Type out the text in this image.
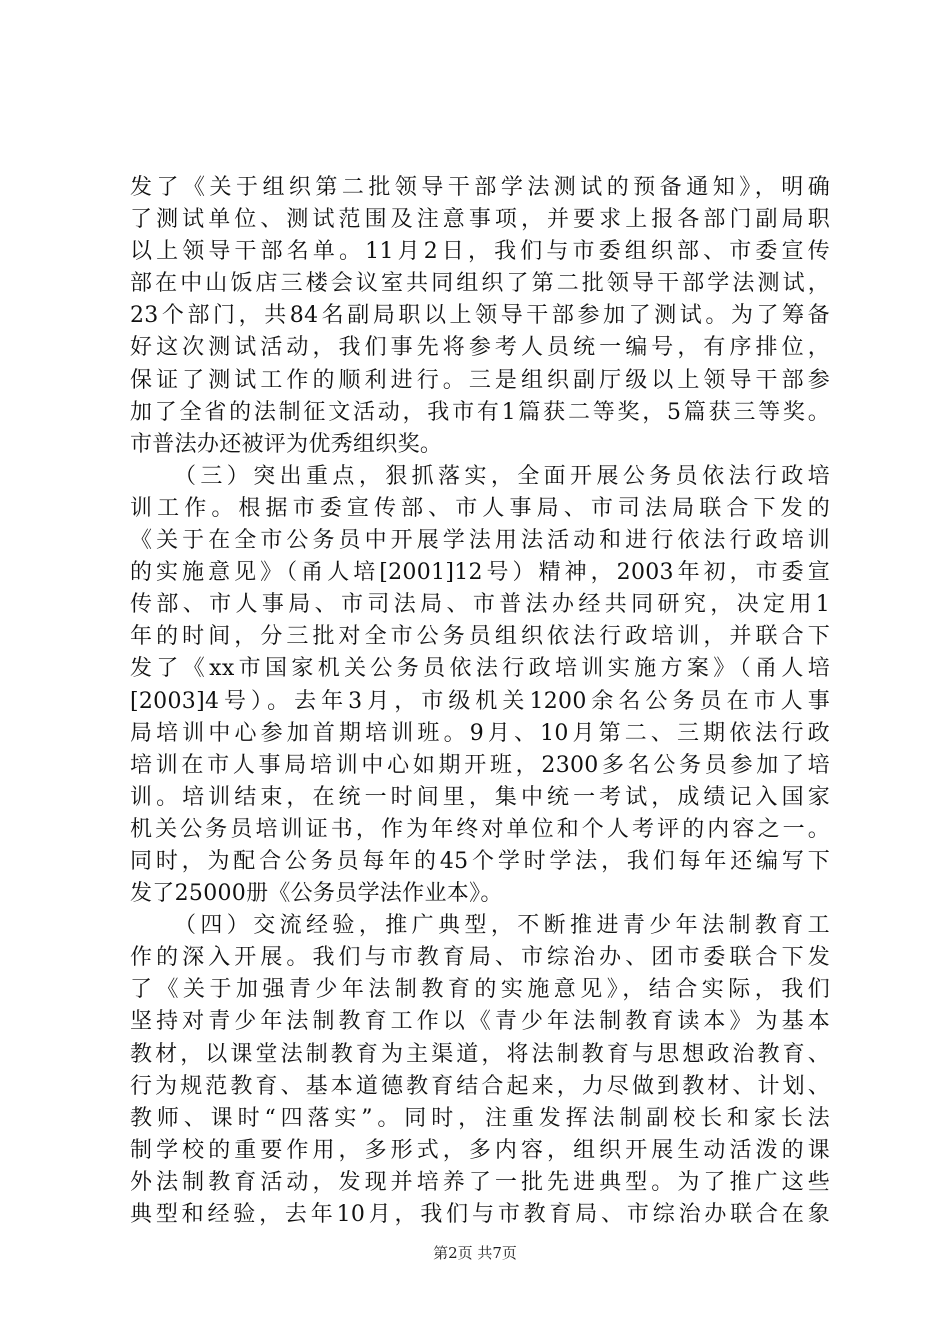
发了《关于组织第二批领导干部学法测试的预备通知》，明确
了测试单位、测试范围及注意事项，并要求上报各部门副局职
以上领导干部名单。11月2日，我们与市委组织部、市委宣传
部在中山饭店三楼会议室共同组织了第二批领导干部学法测试，
23个部门，共84名副局职以上领导干部参加了测试。为了筹备
好这次测试活动，我们事先将参考人员统一编号，有序排位，
保证了测试工作的顺利进行。三是组织副厅级以上领导干部参
加了全省的法制征文活动，我市有1篇获二等奖，5篇获三等奖。
市普法办还被评为优秀组织奖。
（三）突出重点，狠抓落实，全面开展公务员依法行政培
训工作。根据市委宣传部、市人事局、市司法局联合下发的
《关于在全市公务员中开展学法用法活动和进行依法行政培训
的实施意见》（甬人培[2001]12号）精神，2003年初，市委宣
传部、市人事局、市司法局、市普法办经共同研究，决定用1
年的时间，分三批对全市公务员组织依法行政培训，并联合下
发了《xx市国家机关公务员依法行政培训实施方案》（甬人培
[2003]4号）。去年3月，市级机关1200余名公务员在市人事
局培训中心参加首期培训班。9月、10月第二、三期依法行政
培训在市人事局培训中心如期开班，2300多名公务员参加了培
训。培训结束，在统一时间里，集中统一考试，成绩记入国家
机关公务员培训证书，作为年终对单位和个人考评的内容之一。
同时，为配合公务员每年的45个学时学法，我们每年还编写下
发了25000册《公务员学法作业本》。
（四）交流经验，推广典型，不断推进青少年法制教育工
作的深入开展。我们与市教育局、市综治办、团市委联合下发
了《关于加强青少年法制教育的实施意见》，结合实际，我们
坚持对青少年法制教育工作以《青少年法制教育读本》为基本
教材，以课堂法制教育为主渠道，将法制教育与思想政治教育、
行为规范教育、基本道德教育结合起来，力尽做到教材、计划、
教师、课时“四落实”。同时，注重发挥法制副校长和家长法
制学校的重要作用，多形式，多内容，组织开展生动活泼的课
外法制教育活动，发现并培养了一批先进典型。为了推广这些
典型和经验，去年10月，我们与市教育局、市综治办联合在象
第2页 共7页
